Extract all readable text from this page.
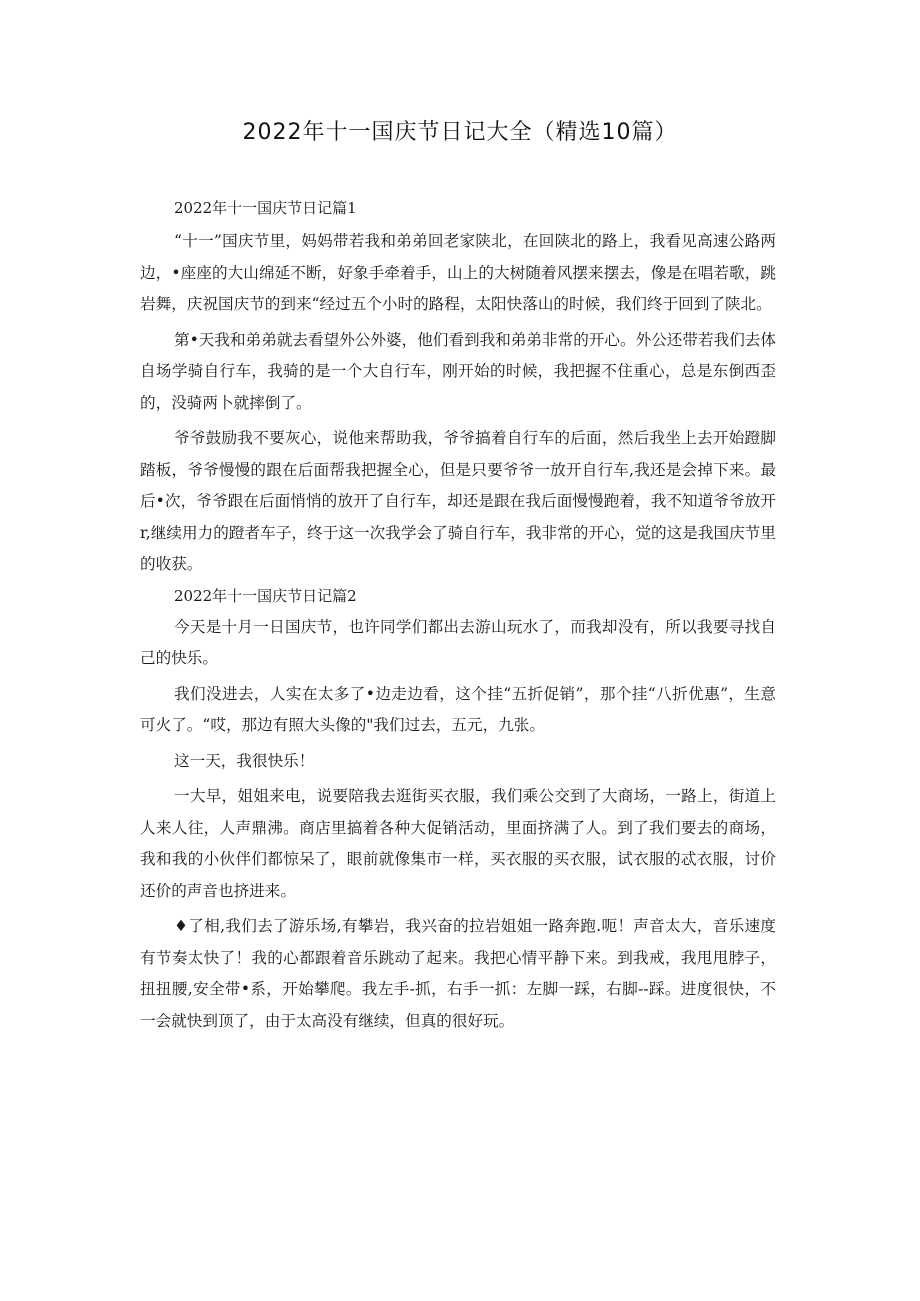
2022年十一国庆节日记大全（精选10篇）
2022年十一国庆节日记篇1

“十一”国庆节里，妈妈带若我和弟弟回老家陕北，在回陕北的路上，我看见高速公路两边，•座座的大山绵延不断，好象手牵着手，山上的大树随着风摆来摆去，像是在唱若歌，跳岩舞，庆祝国庆节的到来“经过五个小时的路程，太阳快落山的时候，我们终于回到了陕北。

第•天我和弟弟就去看望外公外婆，他们看到我和弟弟非常的开心。外公还带若我们去体自场学骑自行车，我骑的是一个大自行车，刚开始的时候，我把握不住重心，总是东倒西歪的，没骑两卜就摔倒了。

爷爷鼓励我不要灰心，说他来帮助我，爷爷搞着自行车的后面，然后我坐上去开始蹬脚踏板，爷爷慢慢的跟在后面帮我把握全心，但是只要爷爷一放开自行车,我还是会掉下来。最后•次，爷爷跟在后面悄悄的放开了自行车，却还是跟在我后面慢慢跑着，我不知道爷爷放开r,继续用力的蹬者车子，终于这一次我学会了骑自行车，我非常的开心，觉的这是我国庆节里的收获。

2022年十一国庆节日记篇2

今天是十月一日国庆节，也许同学们都出去游山玩水了，而我却没有，所以我要寻找自己的快乐。

我们没进去，人实在太多了•边走边看，这个挂“五折促销”，那个挂“八折优惠”，生意可火了。“哎，那边有照大头像的"我们过去，五元，九张。

这一天，我很快乐！

一大早，姐姐来电，说要陪我去逛街买衣服，我们乘公交到了大商场，一路上，街道上人来人往，人声鼎沸。商店里搞着各种大促销活动，里面挤满了人。到了我们要去的商场，我和我的小伙伴们都惊呆了，眼前就像集市一样，买衣服的买衣服，试衣服的忒衣服，讨价还价的声音也挤进来。

♦了相,我们去了游乐场,有攀岩，我兴奋的拉岩姐姐一路奔跑.呃！声音太大，音乐速度有节奏太快了！我的心都跟着音乐跳动了起来。我把心情平静下来。到我戒，我甩甩脖子，扭扭腰,安全带•系，开始攀爬。我左手-抓，右手一抓：左脚一踩，右脚--踩。进度很快，不一会就快到顶了，由于太高没有继续，但真的很好玩。
